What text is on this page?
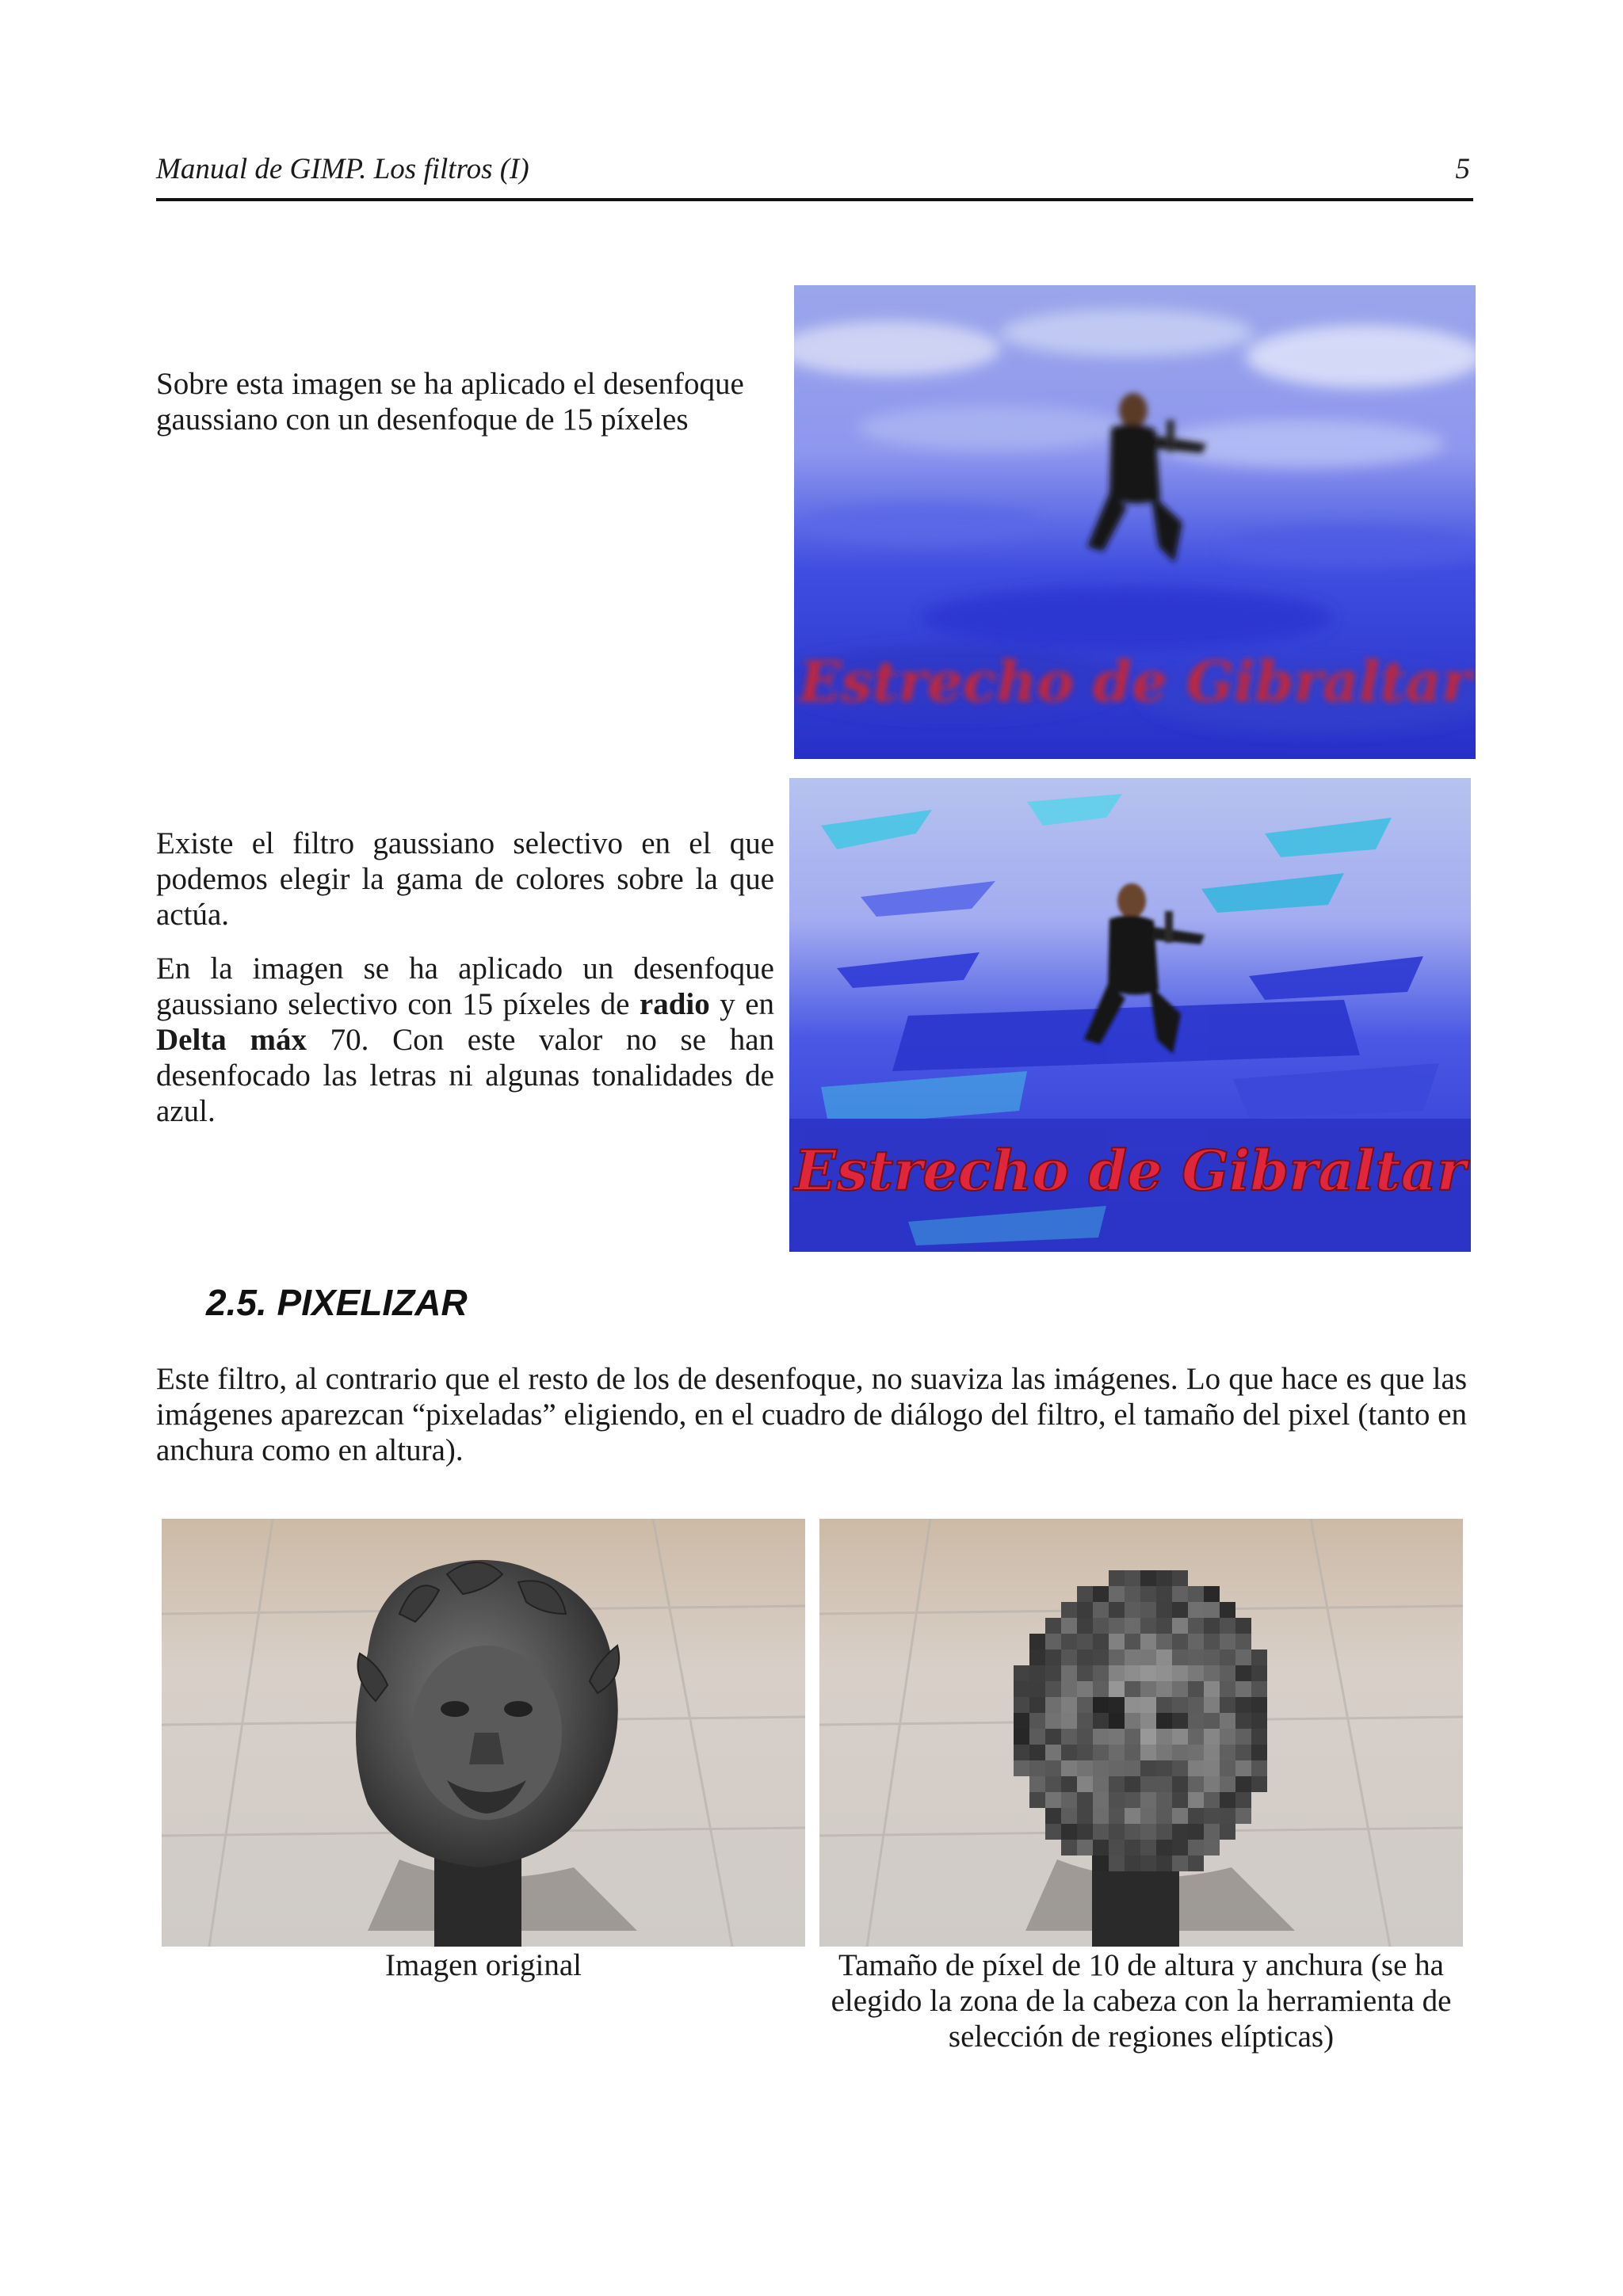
Manual de GIMP. Los filtros (I)	5

Sobre esta imagen se ha aplicado el desenfoque gaussiano con un desenfoque de 15 píxeles

Estrecho de Gibraltar

Existe el filtro gaussiano selectivo en el que podemos elegir la gama de colores sobre la que actúa.

En la imagen se ha aplicado un desenfoque gaussiano selectivo con 15 píxeles de radio y en Delta máx 70. Con este valor no se han desenfocado las letras ni algunas tonalidades de azul.

Estrecho de Gibraltar
2.5. PIXELIZAR

Este filtro, al contrario que el resto de los de desenfoque, no suaviza las imágenes. Lo que hace es que las imágenes aparezcan “pixeladas” eligiendo, en el cuadro de diálogo del filtro, el tamaño del pixel (tanto en anchura como en altura).

Imagen original	Tamaño de píxel de 10 de altura y anchura (se ha elegido la zona de la cabeza con la herramienta de selección de regiones elípticas)
